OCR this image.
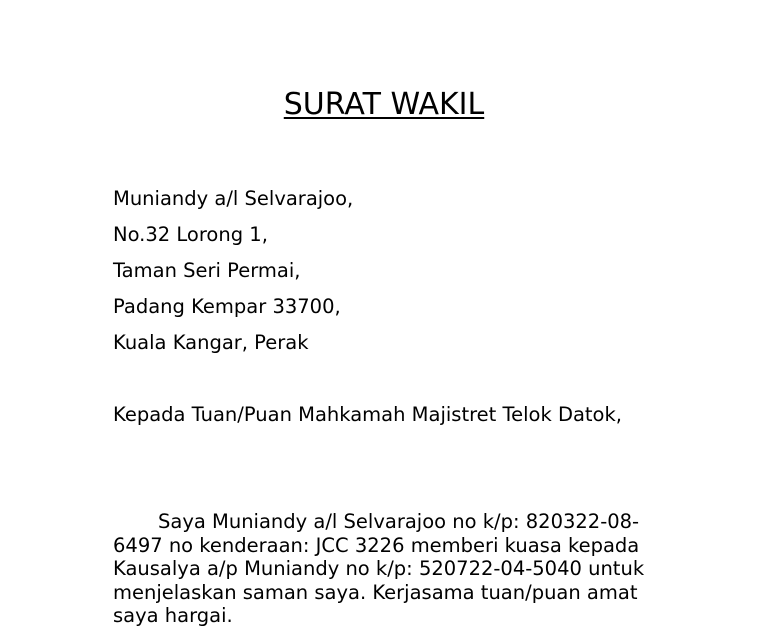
SURAT WAKIL
Muniandy a/l Selvarajoo,
No.32 Lorong 1,
Taman Seri Permai,
Padang Kempar 33700,
Kuala Kangar, Perak
Kepada Tuan/Puan Mahkamah Majistret Telok Datok,

Saya Muniandy a/l Selvarajoo no k/p: 820322-08-6497 no kenderaan: JCC 3226 memberi kuasa kepada Kausalya a/p Muniandy no k/p: 520722-04-5040 untuk menjelaskan saman saya. Kerjasama tuan/puan amat saya hargai.
